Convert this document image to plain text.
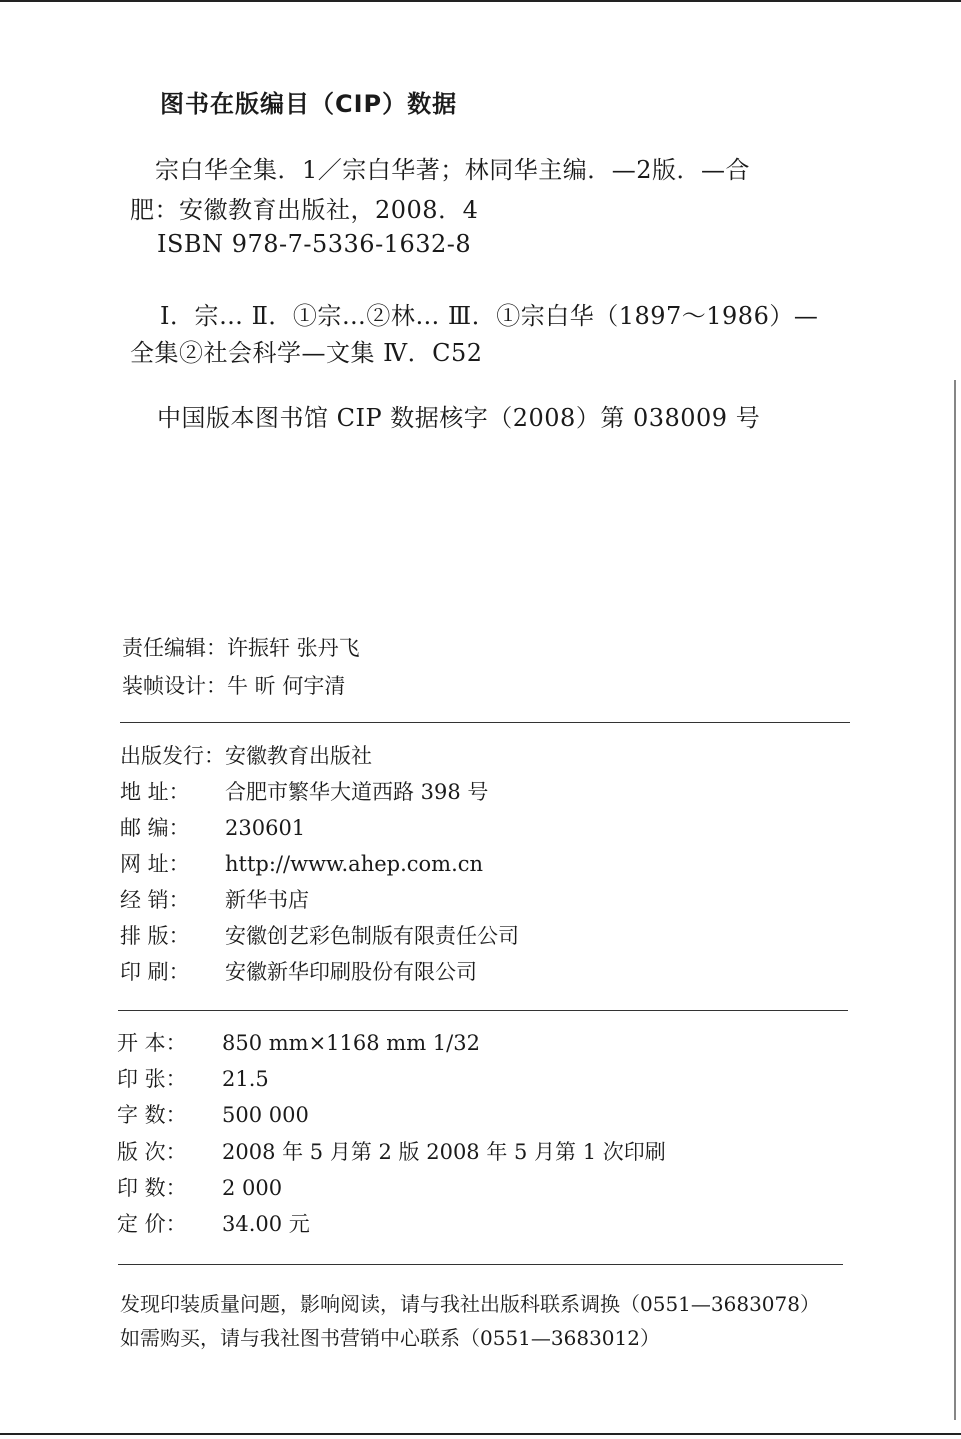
图书在版编目（CIP）数据
宗白华全集．1／宗白华著；林同华主编．—2版．—合
肥：安徽教育出版社，2008．4
ISBN 978-7-5336-1632-8
Ⅰ．宗… Ⅱ．①宗…②林… Ⅲ．①宗白华（1897～1986）—
全集②社会科学—文集 Ⅳ．C52
中国版本图书馆 CIP 数据核字（2008）第 038009 号
责任编辑：许振轩 张丹飞
装帧设计：牛 昕 何宇清
出版发行：安徽教育出版社
地 址： 合肥市繁华大道西路 398 号
邮 编： 230601
网 址： http://www.ahep.com.cn
经 销： 新华书店
排 版： 安徽创艺彩色制版有限责任公司
印 刷： 安徽新华印刷股份有限公司
开 本： 850 mm×1168 mm 1/32
印 张： 21.5
字 数： 500 000
版 次： 2008 年 5 月第 2 版 2008 年 5 月第 1 次印刷
印 数： 2 000
定 价： 34.00 元
发现印装质量问题，影响阅读，请与我社出版科联系调换（0551—3683078）
如需购买，请与我社图书营销中心联系（0551—3683012）
